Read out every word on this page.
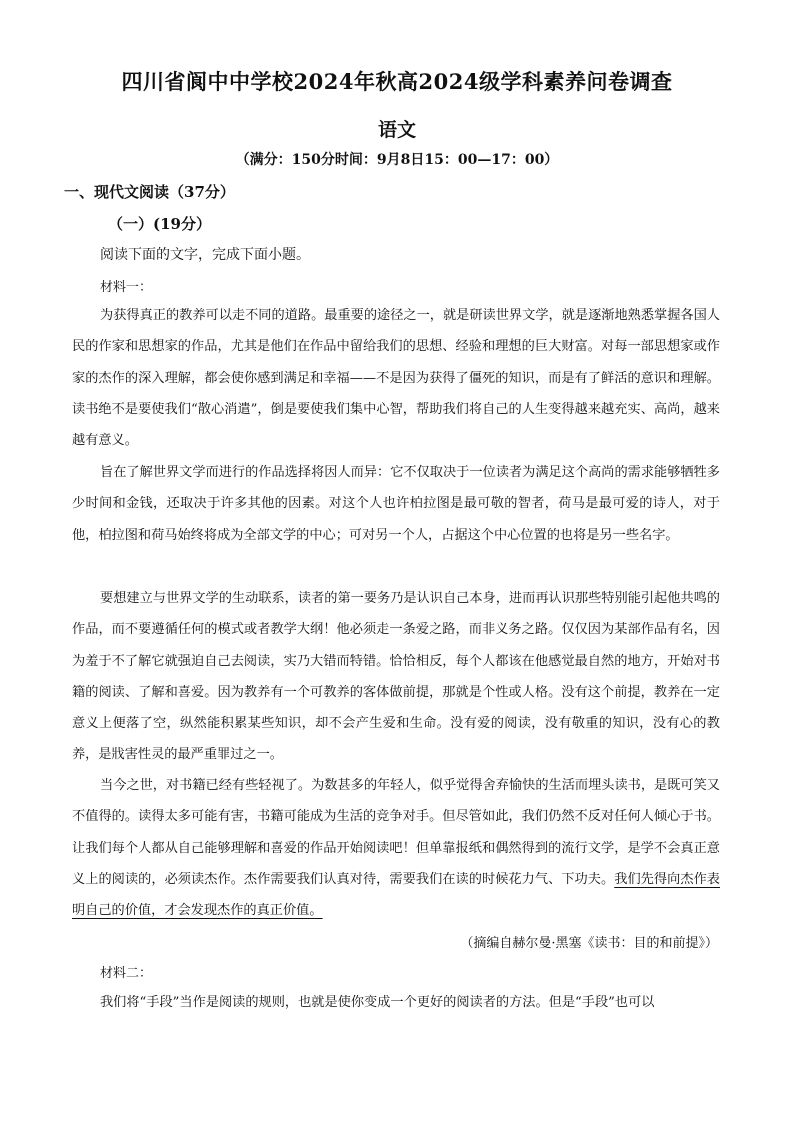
四川省阆中中学校2024年秋高2024级学科素养问卷调查
语文

（满分：150分时间：9月8日15：00—17：00）

一、现代文阅读（37分）

（一）(19分）

阅读下面的文字，完成下面小题。

材料一：

为获得真正的教养可以走不同的道路。最重要的途径之一，就是研读世界文学，就是逐渐地熟悉掌握各国人民的作家和思想家的作品，尤其是他们在作品中留给我们的思想、经验和理想的巨大财富。对每一部思想家或作家的杰作的深入理解，都会使你感到满足和幸福——不是因为获得了僵死的知识，而是有了鲜活的意识和理解。读书绝不是要使我们“散心消遣”，倒是要使我们集中心智，帮助我们将自己的人生变得越来越充实、高尚，越来越有意义。

旨在了解世界文学而进行的作品选择将因人而异：它不仅取决于一位读者为满足这个高尚的需求能够牺牲多少时间和金钱，还取决于许多其他的因素。对这个人也许柏拉图是最可敬的智者，荷马是最可爱的诗人，对于他，柏拉图和荷马始终将成为全部文学的中心；可对另一个人，占据这个中心位置的也将是另一些名字。

要想建立与世界文学的生动联系，读者的第一要务乃是认识自己本身，进而再认识那些特别能引起他共鸣的作品，而不要遵循任何的模式或者教学大纲！他必须走一条爱之路，而非义务之路。仅仅因为某部作品有名，因为羞于不了解它就强迫自己去阅读，实乃大错而特错。恰恰相反，每个人都该在他感觉最自然的地方，开始对书籍的阅读、了解和喜爱。因为教养有一个可教养的客体做前提，那就是个性或人格。没有这个前提，教养在一定意义上便落了空，纵然能积累某些知识，却不会产生爱和生命。没有爱的阅读，没有敬重的知识，没有心的教养，是戕害性灵的最严重罪过之一。

当今之世，对书籍已经有些轻视了。为数甚多的年轻人，似乎觉得舍弃愉快的生活而埋头读书，是既可笑又不值得的。读得太多可能有害，书籍可能成为生活的竞争对手。但尽管如此，我们仍然不反对任何人倾心于书。让我们每个人都从自己能够理解和喜爱的作品开始阅读吧！但单靠报纸和偶然得到的流行文学，是学不会真正意义上的阅读的，必须读杰作。杰作需要我们认真对待，需要我们在读的时候花力气、下功夫。我们先得向杰作表明自己的价值，才会发现杰作的真正价值。

（摘编自赫尔曼·黑塞《读书：目的和前提》）

材料二：

我们将“手段”当作是阅读的规则，也就是使你变成一个更好的阅读者的方法。但是“手段”也可以
